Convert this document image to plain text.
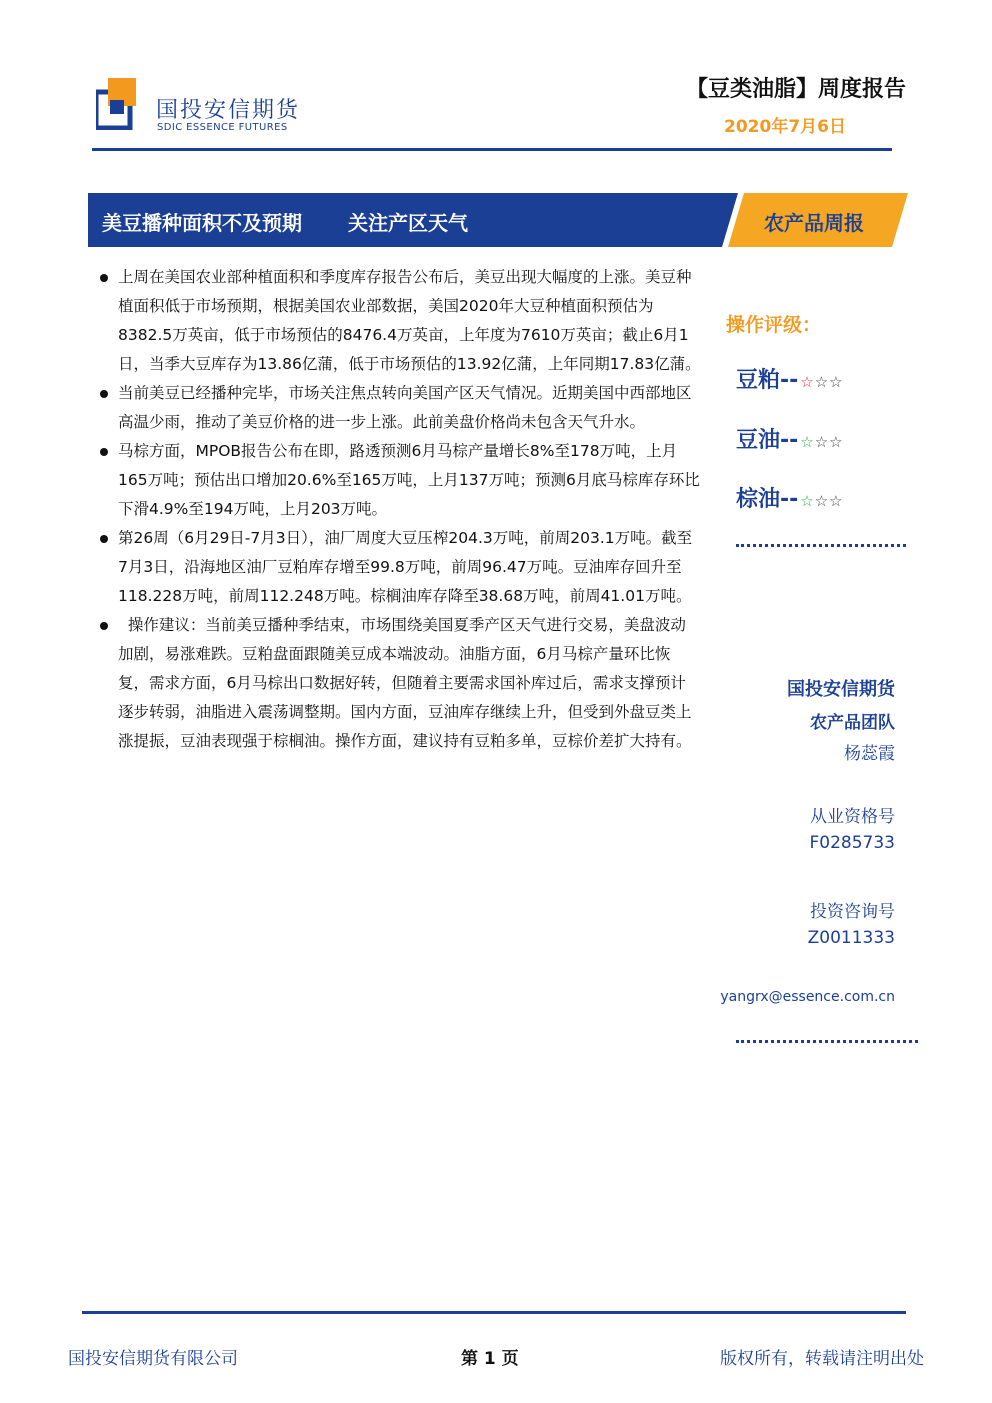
国投安信期货
SDIC ESSENCE FUTURES
【豆类油脂】周度报告
2020年7月6日
美豆播种面积不及预期 关注产区天气	农产品周报
上周在美国农业部种植面积和季度库存报告公布后，美豆出现大幅度的上涨。美豆种植面积低于市场预期，根据美国农业部数据，美国2020年大豆种植面积预估为8382.5万英亩，低于市场预估的8476.4万英亩，上年度为7610万英亩；截止6月1日，当季大豆库存为13.86亿蒲，低于市场预估的13.92亿蒲，上年同期17.83亿蒲。
当前美豆已经播种完毕，市场关注焦点转向美国产区天气情况。近期美国中西部地区高温少雨，推动了美豆价格的进一步上涨。此前美盘价格尚未包含天气升水。
马棕方面，MPOB报告公布在即，路透预测6月马棕产量增长8%至178万吨，上月165万吨；预估出口增加20.6%至165万吨，上月137万吨；预测6月底马棕库存环比下滑4.9%至194万吨，上月203万吨。
第26周（6月29日-7月3日），油厂周度大豆压榨204.3万吨，前周203.1万吨。截至7月3日，沿海地区油厂豆粕库存增至99.8万吨，前周96.47万吨。豆油库存回升至118.228万吨，前周112.248万吨。棕榈油库存降至38.68万吨，前周41.01万吨。
操作建议：当前美豆播种季结束，市场围绕美国夏季产区天气进行交易，美盘波动加剧，易涨难跌。豆粕盘面跟随美豆成本端波动。油脂方面，6月马棕产量环比恢复，需求方面，6月马棕出口数据好转，但随着主要需求国补库过后，需求支撑预计逐步转弱，油脂进入震荡调整期。国内方面，豆油库存继续上升，但受到外盘豆类上涨提振，豆油表现强于棕榈油。操作方面，建议持有豆粕多单，豆棕价差扩大持有。
操作评级：
豆粕-- ☆☆☆
豆油-- ☆☆☆
棕油-- ☆☆☆
国投安信期货
农产品团队
杨蕊霞
从业资格号
F0285733
投资咨询号
Z0011333
yangrx@essence.com.cn
国投安信期货有限公司	第 1 页	版权所有，转载请注明出处
